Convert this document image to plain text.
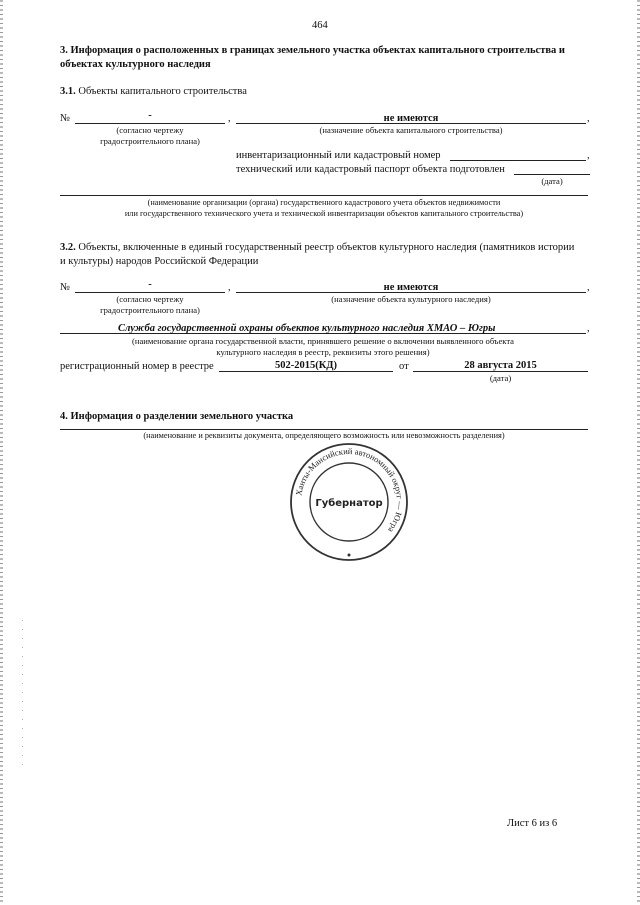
464
3. Информация о расположенных в границах земельного участка объектах капитального строительства и
объектах культурного наследия
3.1. Объекты капитального строительства
№	-	,	не имеются	,
(согласно чертежу
градостроительного плана)
(назначение объекта капитального строительства)
инвентаризационный или кадастровый номер	,
технический или кадастровый паспорт объекта подготовлен
(дата)
(наименование организации (органа) государственного кадастрового учета объектов недвижимости
или государственного технического учета и технической инвентаризации объектов капитального строительства)
3.2. Объекты, включенные в единый государственный реестр объектов культурного наследия (памятников истории
и культуры) народов Российской Федерации
№	-	,	не имеются	,
(согласно чертежу
градостроительного плана)
(назначение объекта культурного наследия)
Служба государственной охраны объектов культурного наследия ХМАО – Югры	,
(наименование органа государственной власти, принявшего решение о включении выявленного объекта
культурного наследия в реестр, реквизиты этого решения)
регистрационный номер в реестре	502-2015(КД)	от	28 августа 2015
(дата)
4. Информация о разделении земельного участка
(наименование и реквизиты документа, определяющего возможность или невозможность разделения)
Ханты-Мансийский автономный округ — Югра
Губернатор
Лист 6 из 6
